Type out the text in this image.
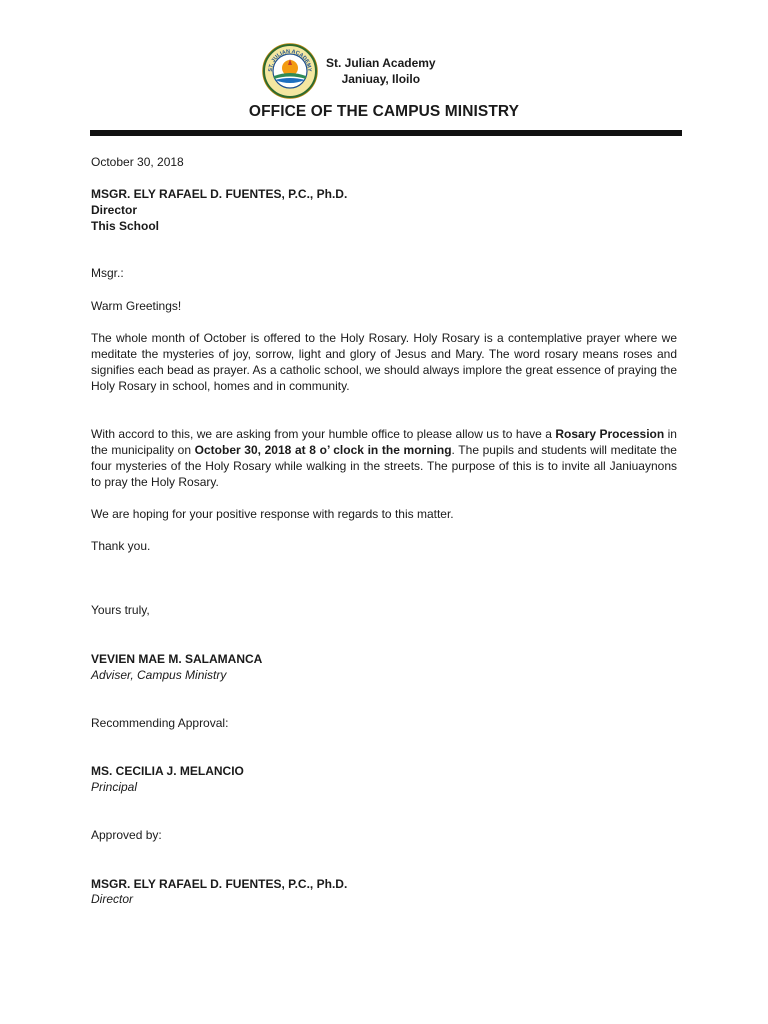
ST. JULIAN ACADEMY St. Julian Academy
Janiuay, Iloilo
OFFICE OF THE CAMPUS MINISTRY
October 30, 2018
MSGR. ELY RAFAEL D. FUENTES, P.C., Ph.D.
Director
This School
Msgr.:
Warm Greetings!
The whole month of October is offered to the Holy Rosary. Holy Rosary is a contemplative prayer where we meditate the mysteries of joy, sorrow, light and glory of Jesus and Mary. The word rosary means roses and signifies each bead as prayer. As a catholic school, we should always implore the great essence of praying the Holy Rosary in school, homes and in community.
With accord to this, we are asking from your humble office to please allow us to have a Rosary Procession in the municipality on October 30, 2018 at 8 o’ clock in the morning. The pupils and students will meditate the four mysteries of the Holy Rosary while walking in the streets. The purpose of this is to invite all Janiuaynons to pray the Holy Rosary.
We are hoping for your positive response with regards to this matter.
Thank you.
Yours truly,
VEVIEN MAE M. SALAMANCA
Adviser, Campus Ministry
Recommending Approval:
MS. CECILIA J. MELANCIO
Principal
Approved by:
MSGR. ELY RAFAEL D. FUENTES, P.C., Ph.D.
Director
